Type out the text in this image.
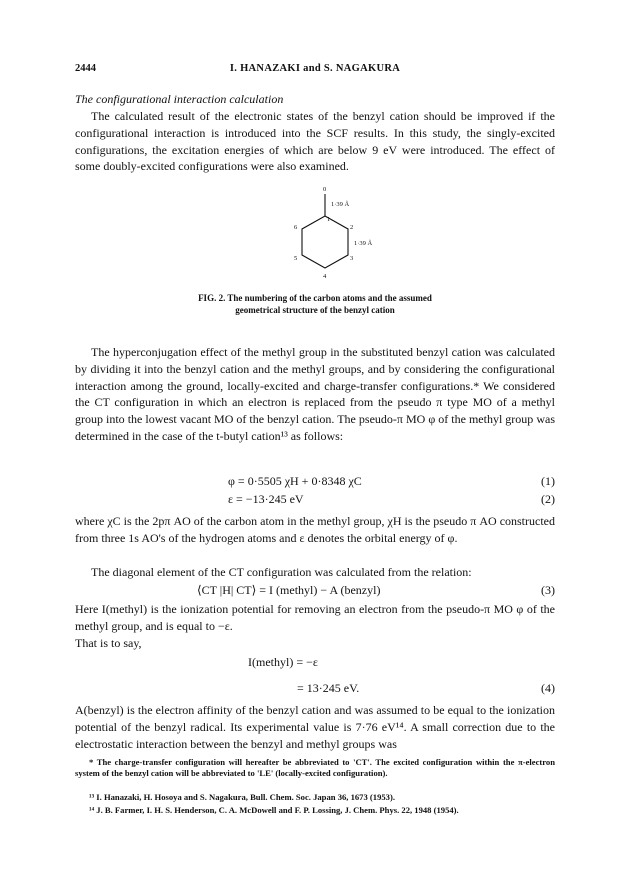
2444	I. HANAZAKI and S. NAGAKURA
The configurational interaction calculation

The calculated result of the electronic states of the benzyl cation should be improved if the configurational interaction is introduced into the SCF results. In this study, the singly-excited configurations, the excitation energies of which are below 9 eV were introduced. The effect of some doubly-excited configurations were also examined.

0
1
2
3
4
5
6
1·39 Å
1·39 Å
FIG. 2. The numbering of the carbon atoms and the assumed
geometrical structure of the benzyl cation

The hyperconjugation effect of the methyl group in the substituted benzyl cation was calculated by dividing it into the benzyl cation and the methyl groups, and by considering the configurational interaction among the ground, locally-excited and charge-transfer configurations.* We considered the CT configuration in which an electron is replaced from the pseudo π type MO of a methyl group into the lowest vacant MO of the benzyl cation. The pseudo-π MO φ of the methyl group was determined in the case of the t-butyl cation¹³ as follows:

φ = 0·5505 χH + 0·8348 χC	(1)
ε = −13·245 eV	(2)

where χC is the 2pπ AO of the carbon atom in the methyl group, χH is the pseudo π AO constructed from three 1s AO's of the hydrogen atoms and ε denotes the orbital energy of φ.

The diagonal element of the CT configuration was calculated from the relation:

⟨CT |H| CT⟩ = I (methyl) − A (benzyl)	(3)

Here I(methyl) is the ionization potential for removing an electron from the pseudo-π MO φ of the methyl group, and is equal to −ε.

That is to say,

I(methyl) = −ε
= 13·245 eV.	(4)

A(benzyl) is the electron affinity of the benzyl cation and was assumed to be equal to the ionization potential of the benzyl radical. Its experimental value is 7·76 eV¹⁴. A small correction due to the electrostatic interaction between the benzyl and methyl groups was

* The charge-transfer configuration will hereafter be abbreviated to 'CT'. The excited configuration within the π-electron system of the benzyl cation will be abbreviated to 'LE' (locally-excited configuration).

¹³ I. Hanazaki, H. Hosoya and S. Nagakura, Bull. Chem. Soc. Japan 36, 1673 (1953).

¹⁴ J. B. Farmer, I. H. S. Henderson, C. A. McDowell and F. P. Lossing, J. Chem. Phys. 22, 1948 (1954).
